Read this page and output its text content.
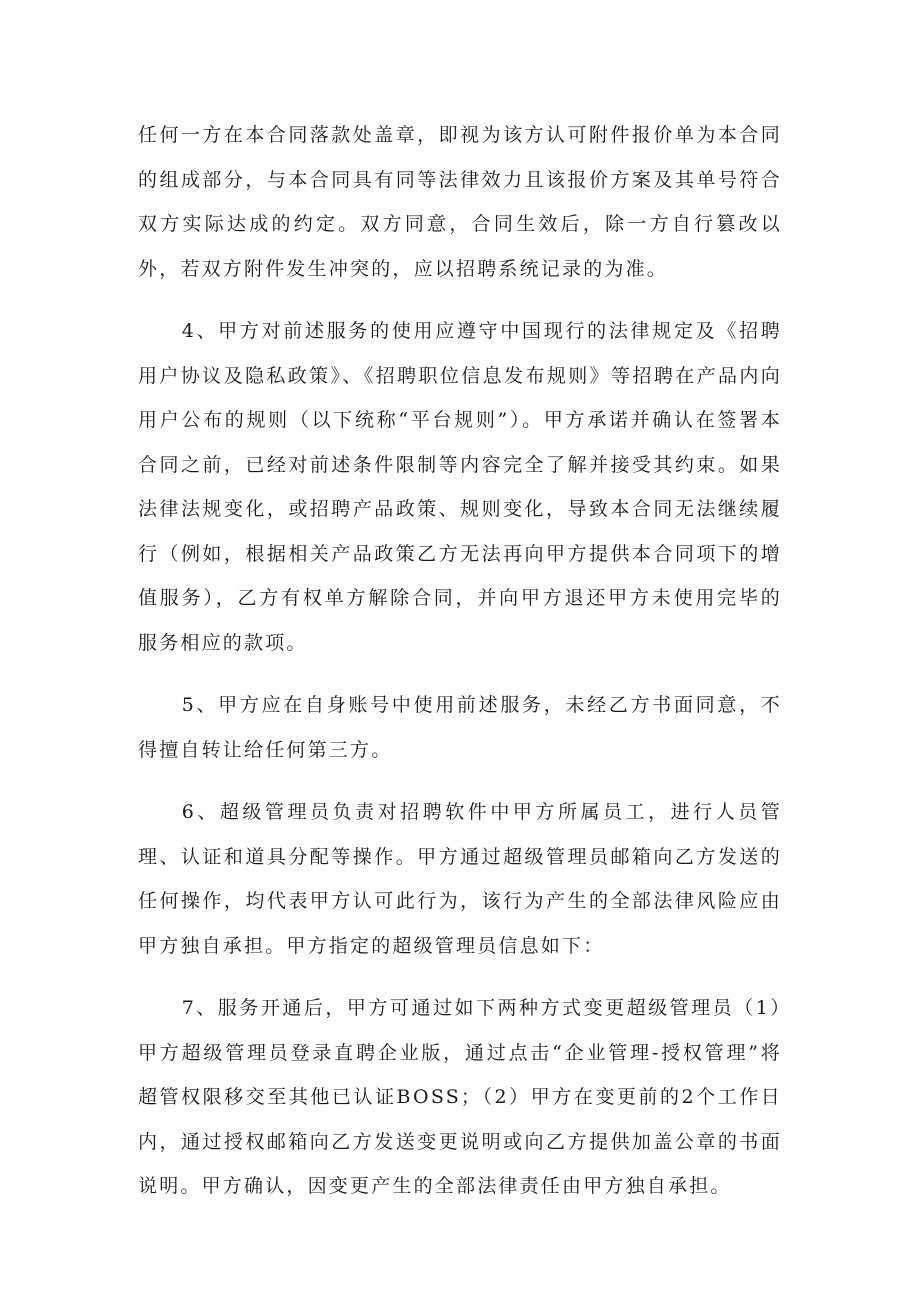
任何一方在本合同落款处盖章，即视为该方认可附件报价单为本合同的组成部分，与本合同具有同等法律效力且该报价方案及其单号符合双方实际达成的约定。双方同意，合同生效后，除一方自行篡改以外，若双方附件发生冲突的，应以招聘系统记录的为准。

4、甲方对前述服务的使用应遵守中国现行的法律规定及《招聘用户协议及隐私政策》、《招聘职位信息发布规则》等招聘在产品内向用户公布的规则（以下统称“平台规则”）。甲方承诺并确认在签署本合同之前，已经对前述条件限制等内容完全了解并接受其约束。如果法律法规变化，或招聘产品政策、规则变化，导致本合同无法继续履行（例如，根据相关产品政策乙方无法再向甲方提供本合同项下的增值服务），乙方有权单方解除合同，并向甲方退还甲方未使用完毕的服务相应的款项。

5、甲方应在自身账号中使用前述服务，未经乙方书面同意，不得擅自转让给任何第三方。

6、超级管理员负责对招聘软件中甲方所属员工，进行人员管理、认证和道具分配等操作。甲方通过超级管理员邮箱向乙方发送的任何操作，均代表甲方认可此行为，该行为产生的全部法律风险应由甲方独自承担。甲方指定的超级管理员信息如下：

7、服务开通后，甲方可通过如下两种方式变更超级管理员（1）甲方超级管理员登录直聘企业版，通过点击“企业管理-授权管理”将超管权限移交至其他已认证BOSS；（2）甲方在变更前的2个工作日内，通过授权邮箱向乙方发送变更说明或向乙方提供加盖公章的书面说明。甲方确认，因变更产生的全部法律责任由甲方独自承担。
